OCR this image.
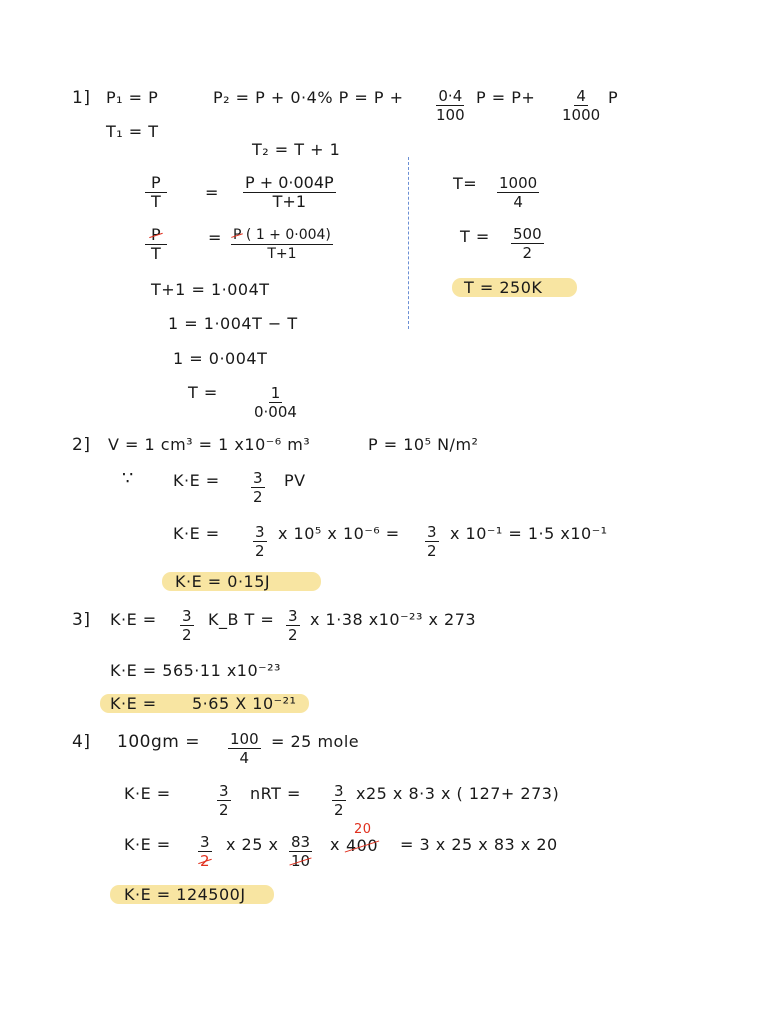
1] P₁ = P	P₂ = P + 0·4% $P = P + \frac{0\cdot 4}{100}$ $P = P+ \frac{4}{1000}$ P
T₁ = T
T₂ = T + 1
$\frac{P}{T} = \frac{P + 0\cdot 004P}{T+1}$
$\frac{P}{T}$	= $\frac{P ( 1 + 0\cdot 004)}{T+1}$
T+1 = 1·004T
1 = 1·004T − T
1 = 0·004T
$T = \frac{1}{0\cdot 004}$
$T= \frac{1000}{4}$
$T = \frac{500}{2}$
T = 250K
2] V = 1 cm³ = 1 x10⁻⁶ m³	P = 10⁵ N/m²
∵ $K\cdot E = \frac{3}{2}$ PV
$K\cdot E = \frac{3}{2}$ x 10⁵ x $10^{-6} = \frac{3}{2}$ x 10⁻¹ = 1·5 x10⁻¹
K·E = 0·15J
3] $K\cdot E = \frac{3}{2}$ K_B $T = \frac{3}{2}$ x 1·38 x10⁻²³ x 273
K·E = 565·11 x10⁻²³
K·E = 5·65 X 10⁻²¹
4] $100gm = \frac{100}{4} = 25$ mole
K·E =	$\frac{3}{2}$ nRT = $\frac{3}{2} x25$ x 8·3 x ( 127+ 273)
$K\cdot E = \frac{3}{2}$ x 25 x $\frac{83}{10}$ x
20
400 = 3 x 25 x 83 x 20
K·E = 124500J
